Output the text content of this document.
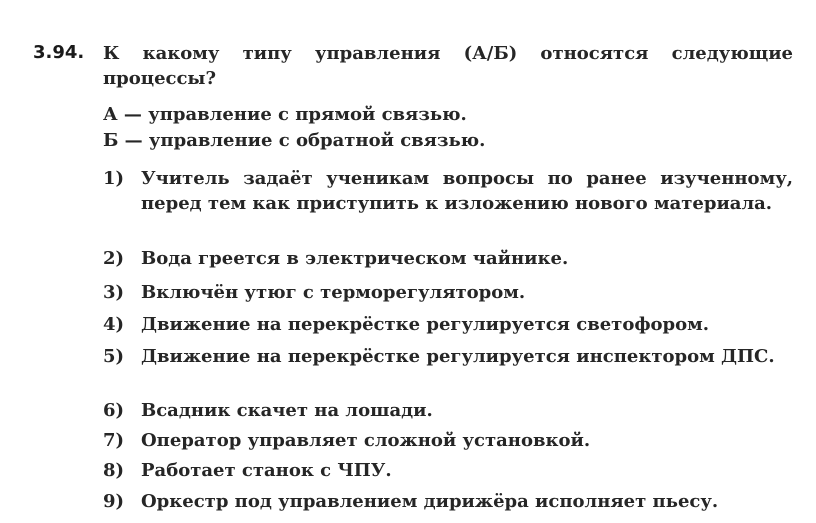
3.94. К какому типу управления (А/Б) относятся следующие процессы?
А — управление с прямой связью.
Б — управление с обратной связью.
1) Учитель задаёт ученикам вопросы по ранее изученному, перед тем как приступить к изложению нового материала.
2) Вода греется в электрическом чайнике.
3) Включён утюг с терморегулятором.
4) Движение на перекрёстке регулируется светофором.
5) Движение на перекрёстке регулируется инспектором ДПС.
6) Всадник скачет на лошади.
7) Оператор управляет сложной установкой.
8) Работает станок с ЧПУ.
9) Оркестр под управлением дирижёра исполняет пьесу.
